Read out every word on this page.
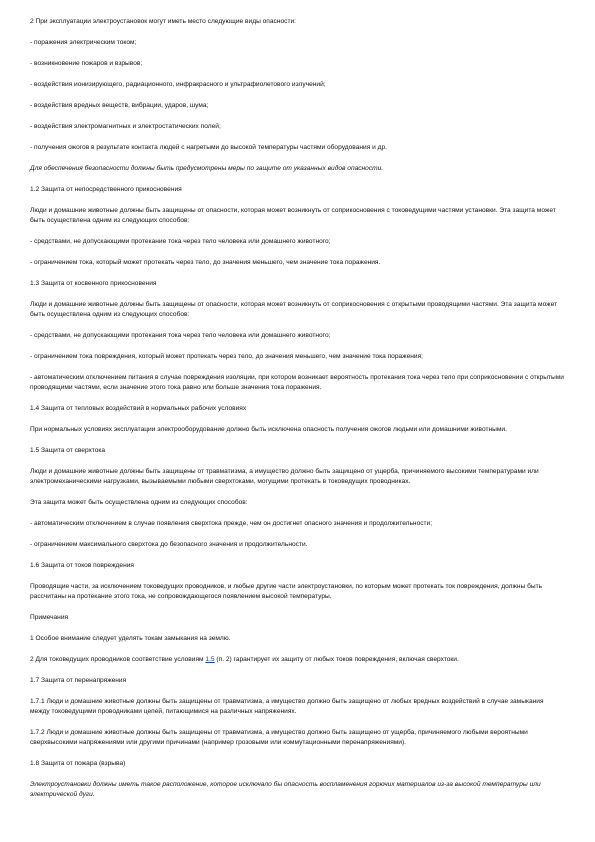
2 При эксплуатации электроустановок могут иметь место следующие виды опасности:

- поражения электрическим током;

- возникновение пожаров и взрывов;

- воздействия ионизирующего, радиационного, инфракрасного и ультрафиолетового излучений;

- воздействия вредных веществ, вибрации, ударов, шума;

- воздействия электромагнитных и электростатических полей;

- получения ожогов в результате контакта людей с нагретыми до высокой температуры частями оборудования и др.

Для обеспечения безопасности должны быть предусмотрены меры по защите от указанных видов опасности.

1.2 Защита от непосредственного прикосновения

Люди и домашние животные должны быть защищены от опасности, которая может возникнуть от соприкосновения с токоведущими частями установки. Эта защита может быть осуществлена одним из следующих способов:

- средствами, не допускающими протекание тока через тело человека или домашнего животного;

- ограничением тока, который может протекать через тело, до значения меньшего, чем значение тока поражения.

1.3 Защита от косвенного прикосновения

Люди и домашние животные должны быть защищены от опасности, которая может возникнуть от соприкосновения с открытыми проводящими частями. Эта защита может быть осуществлена одним из следующих способов:

- средствами, не допускающими протекания тока через тело человека или домашнего животного;

- ограничением тока повреждения, который может протекать через тело, до значения меньшего, чем значение тока поражения;

- автоматическим отключением питания в случае повреждения изоляции, при котором возникает вероятность протекания тока через тело при соприкосновении с открытыми проводящими частями, если значение этого тока равно или больше значения тока поражения.

1.4 Защита от тепловых воздействий в нормальных рабочих условиях

При нормальных условиях эксплуатации электрооборудование должно быть исключена опасность получения ожогов людьми или домашними животными.

1.5 Защита от сверхтока

Люди и домашние животные должны быть защищены от травматизма, а имущество должно быть защищено от ущерба, причиняемого высокими температурами или электромеханическими нагрузками, вызываемыми любыми сверхтоками, могущими протекать в токоведущих проводниках.

Эта защита может быть осуществлена одним из следующих способов:

- автоматическим отключением в случае появления сверхтока прежде, чем он достигнет опасного значения и продолжительности;

- ограничением максимального сверхтока до безопасного значения и продолжительности.

1.6 Защита от токов повреждения

Проводящие части, за исключением токоведущих проводников, и любые другие части электроустановки, по которым может протекать ток повреждения, должны быть рассчитаны на протекание этого тока, не сопровождающегося появлением высокой температуры.

Примечания

1 Особое внимание следует уделять токам замыкания на землю.

2 Для токоведущих проводников соответствие условиям 1.5 (п. 2) гарантирует их защиту от любых токов повреждения, включая сверхтоки.

1.7 Защита от перенапряжения

1.7.1 Люди и домашние животные должны быть защищены от травматизма, а имущество должно быть защищено от любых вредных воздействий в случае замыкания между токоведущими проводниками цепей, питающимися на различных напряжениях.

1.7.2 Люди и домашние животные должны быть защищены от травматизма, а имущество должно быть защищено от ущерба, причиняемого любыми вероятными сверхвысокими напряжениями или другими причинами (например грозовыми или коммутационными перенапряжениями).

1.8 Защита от пожара (взрыва)

Электроустановки должны иметь такое расположение, которое исключало бы опасность воспламенения горючих материалов из-за высокой температуры или электрической дуги.
